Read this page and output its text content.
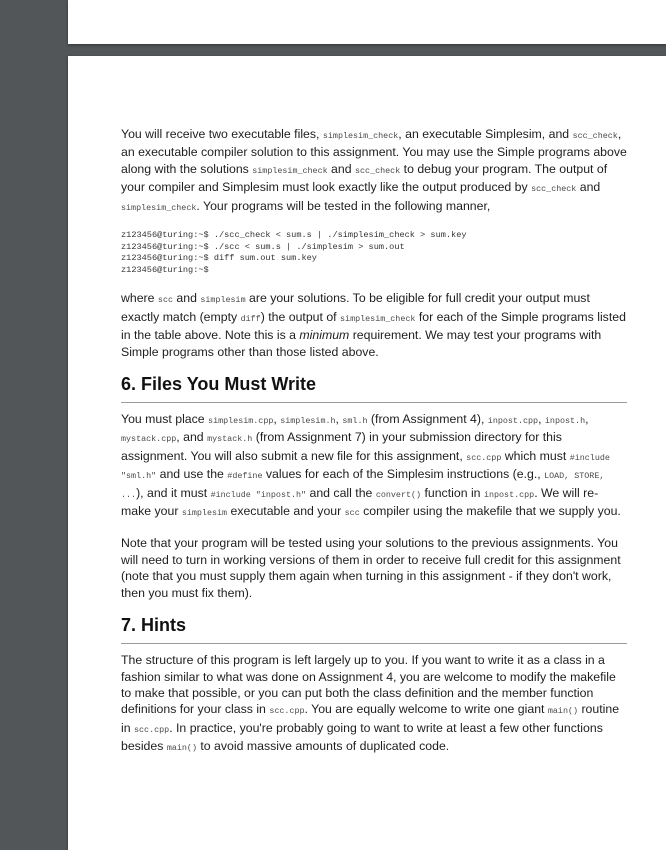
You will receive two executable files, simplesim_check, an executable Simplesim, and scc_check, an executable compiler solution to this assignment. You may use the Simple programs above along with the solutions simplesim_check and scc_check to debug your program. The output of your compiler and Simplesim must look exactly like the output produced by scc_check and simplesim_check. Your programs will be tested in the following manner,

z123456@turing:~$ ./scc_check < sum.s | ./simplesim_check > sum.key
z123456@turing:~$ ./scc < sum.s | ./simplesim > sum.out
z123456@turing:~$ diff sum.out sum.key
z123456@turing:~$

where scc and simplesim are your solutions. To be eligible for full credit your output must exactly match (empty diff) the output of simplesim_check for each of the Simple programs listed in the table above. Note this is a minimum requirement. We may test your programs with Simple programs other than those listed above.

6. Files You Must Write

You must place simplesim.cpp, simplesim.h, sml.h (from Assignment 4), inpost.cpp, inpost.h, mystack.cpp, and mystack.h (from Assignment 7) in your submission directory for this assignment. You will also submit a new file for this assignment, scc.cpp which must #include "sml.h" and use the #define values for each of the Simplesim instructions (e.g., LOAD, STORE, ...), and it must #include "inpost.h" and call the convert() function in inpost.cpp. We will re-make your simplesim executable and your scc compiler using the makefile that we supply you.

Note that your program will be tested using your solutions to the previous assignments. You will need to turn in working versions of them in order to receive full credit for this assignment (note that you must supply them again when turning in this assignment - if they don't work, then you must fix them).

7. Hints

The structure of this program is left largely up to you. If you want to write it as a class in a fashion similar to what was done on Assignment 4, you are welcome to modify the makefile to make that possible, or you can put both the class definition and the member function definitions for your class in scc.cpp. You are equally welcome to write one giant main() routine in scc.cpp. In practice, you're probably going to want to write at least a few other functions besides main() to avoid massive amounts of duplicated code.
